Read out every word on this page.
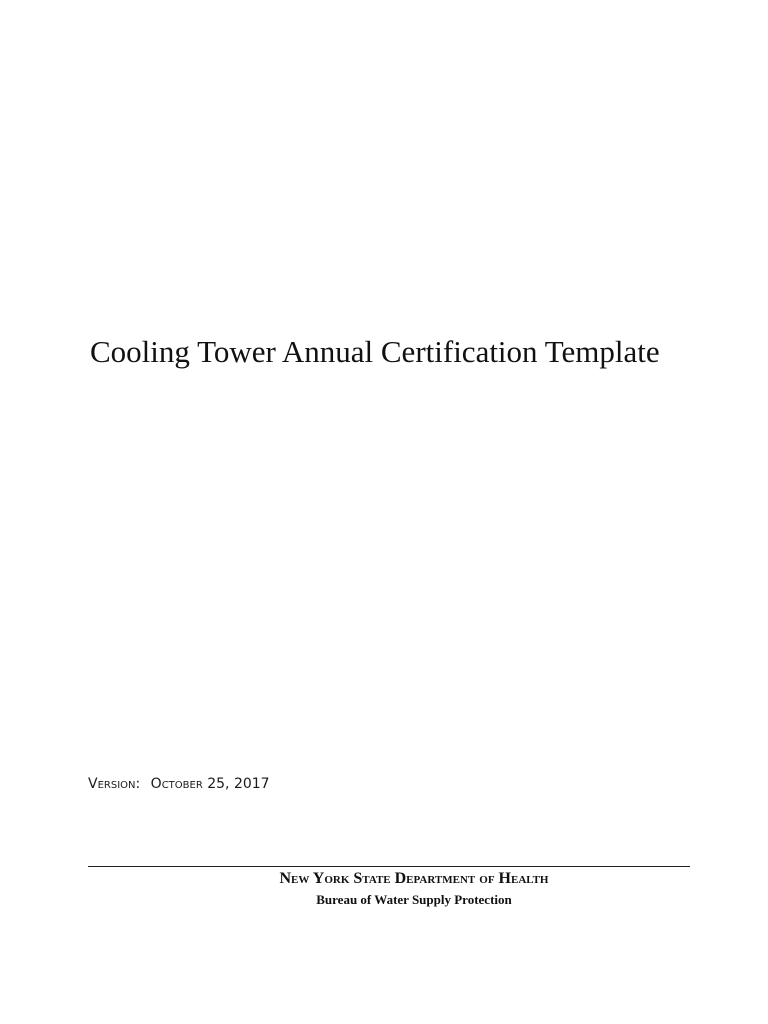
Cooling Tower Annual Certification Template
Version: October 25, 2017
New York State Department of Health
Bureau of Water Supply Protection
